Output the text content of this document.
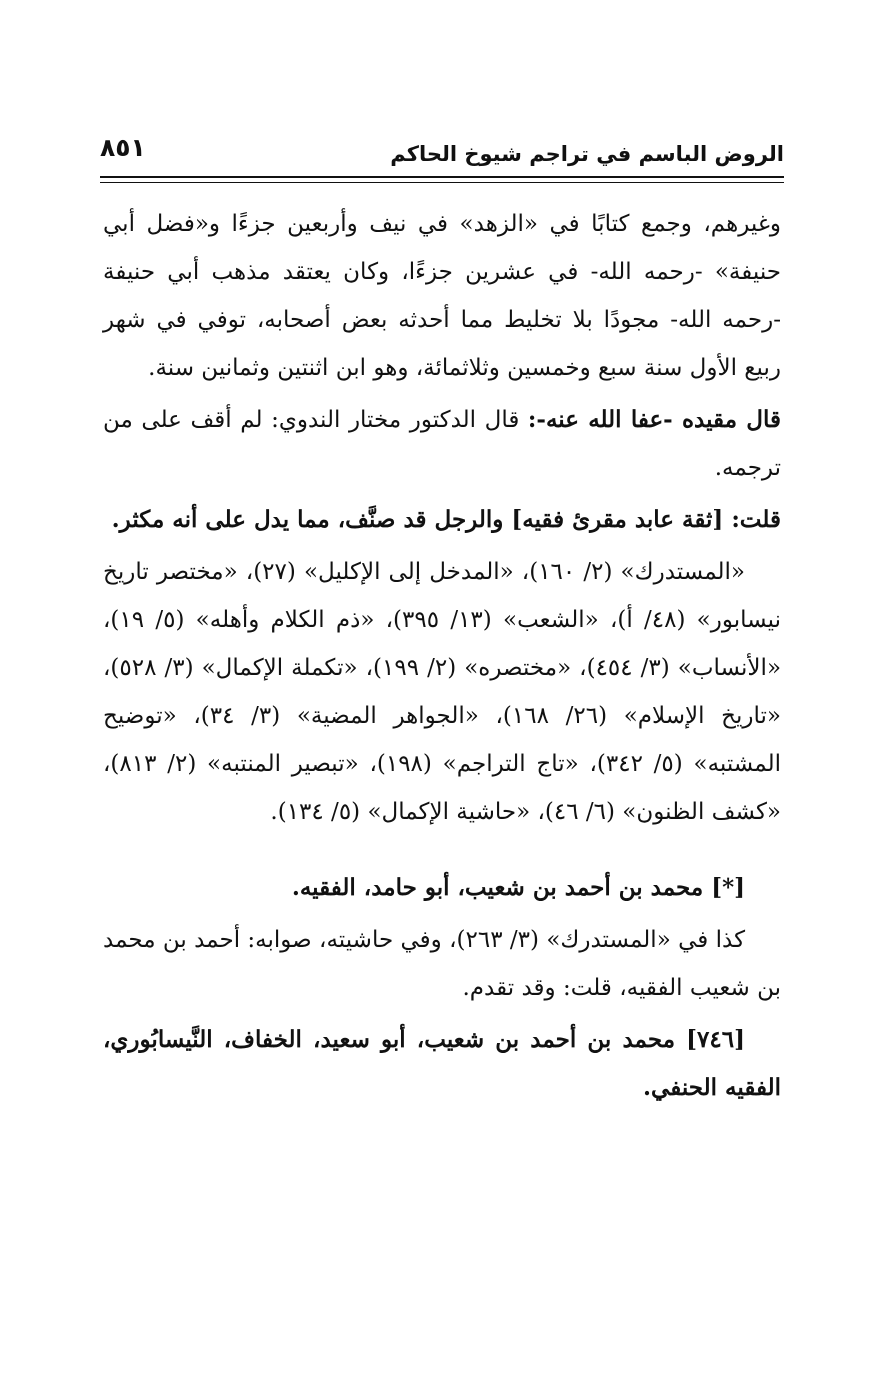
الروض الباسم في تراجم شيوخ الحاكم
٨٥١

وغيرهم، وجمع كتابًا في «الزهد» في نيف وأربعين جزءًا و«فضل أبي حنيفة» -رحمه الله- في عشرين جزءًا، وكان يعتقد مذهب أبي حنيفة -رحمه الله- مجودًا بلا تخليط مما أحدثه بعض أصحابه، توفي في شهر ربيع الأول سنة سبع وخمسين وثلاثمائة، وهو ابن اثنتين وثمانين سنة.

قال مقيده -عفا الله عنه-: قال الدكتور مختار الندوي: لم أقف على من ترجمه.

قلت: [ثقة عابد مقرئ فقيه] والرجل قد صنَّف، مما يدل على أنه مكثر.

«المستدرك» (٢/ ١٦٠)، «المدخل إلى الإكليل» (٢٧)، «مختصر تاريخ نيسابور» (٤٨/ أ)، «الشعب» (١٣/ ٣٩٥)، «ذم الكلام وأهله» (٥/ ١٩)، «الأنساب» (٣/ ٤٥٤)، «مختصره» (٢/ ١٩٩)، «تكملة الإكمال» (٣/ ٥٢٨)، «تاريخ الإسلام» (٢٦/ ١٦٨)، «الجواهر المضية» (٣/ ٣٤)، «توضيح المشتبه» (٥/ ٣٤٢)، «تاج التراجم» (١٩٨)، «تبصير المنتبه» (٢/ ٨١٣)، «كشف الظنون» (٦/ ٤٦)، «حاشية الإكمال» (٥/ ١٣٤).

[*] محمد بن أحمد بن شعيب، أبو حامد، الفقيه.

كذا في «المستدرك» (٣/ ٢٦٣)، وفي حاشيته، صوابه: أحمد بن محمد بن شعيب الفقيه، قلت: وقد تقدم.

[٧٤٦] محمد بن أحمد بن شعيب، أبو سعيد، الخفاف، النَّيسابُوري، الفقيه الحنفي.
